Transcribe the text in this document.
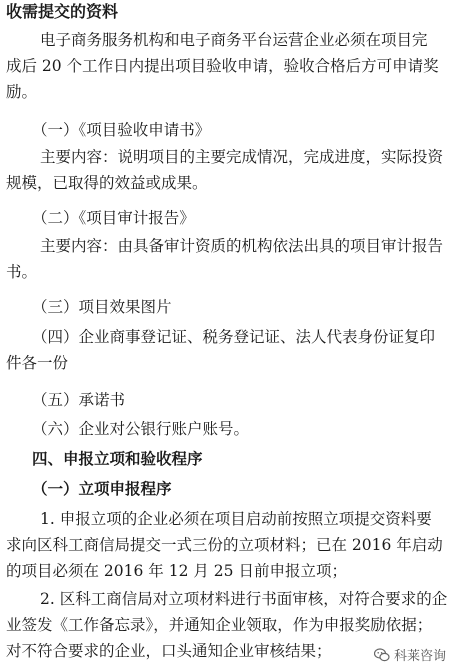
收需提交的资料

电子商务服务机构和电子商务平台运营企业必须在项目完

成后 20 个工作日内提出项目验收申请，验收合格后方可申请奖

励。

（一）《项目验收申请书》

主要内容：说明项目的主要完成情况，完成进度，实际投资

规模，已取得的效益或成果。

（二）《项目审计报告》

主要内容：由具备审计资质的机构依法出具的项目审计报告

书。

（三）项目效果图片

（四）企业商事登记证、税务登记证、法人代表身份证复印

件各一份

（五）承诺书

（六）企业对公银行账户账号。

四、申报立项和验收程序

（一）立项申报程序

1. 申报立项的企业必须在项目启动前按照立项提交资料要

求向区科工商信局提交一式三份的立项材料；已在 2016 年启动

的项目必须在 2016 年 12 月 25 日前申报立项；

2. 区科工商信局对立项材料进行书面审核，对符合要求的企

业签发《工作备忘录》，并通知企业领取，作为申报奖励依据；

对不符合要求的企业，口头通知企业审核结果；	科莱咨询
